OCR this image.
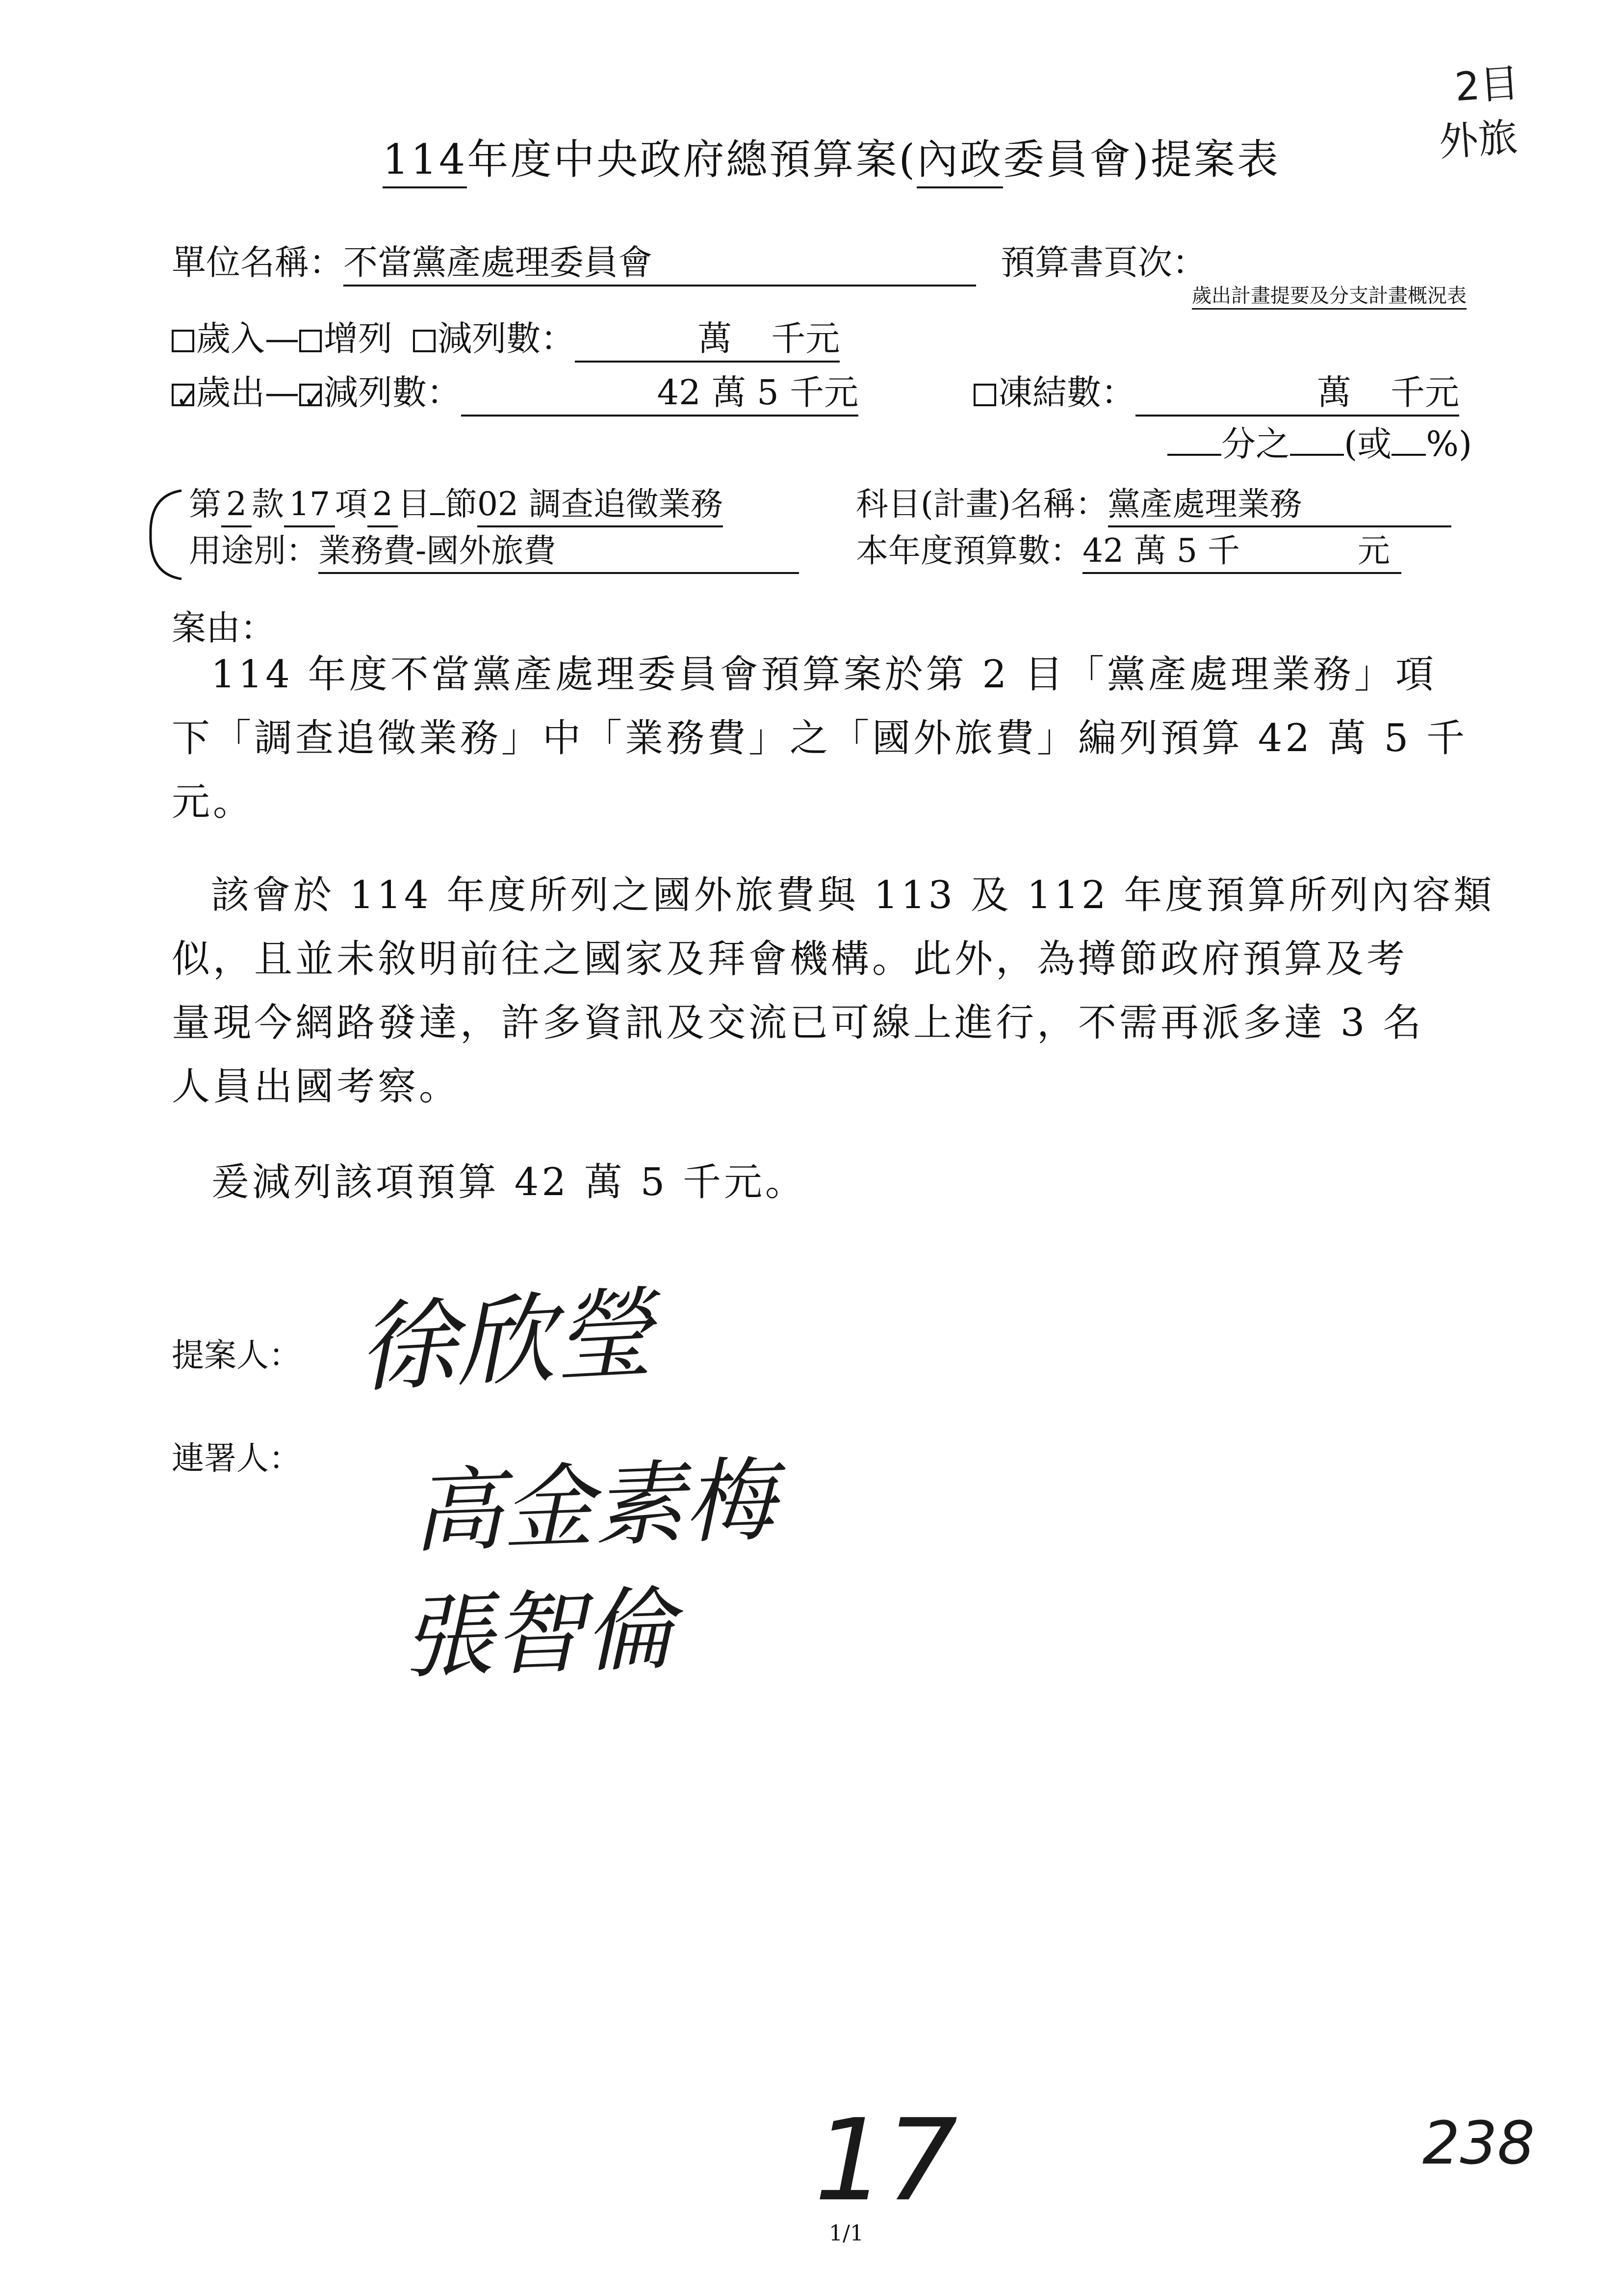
2目
外旅
114年度中央政府總預算案(內政委員會)提案表
單位名稱：不當黨產處理委員會	預算書頁次：
歲出計畫提要及分支計畫概況表
歲入— 增列 減列數：	萬 千元
✓歲出—✓ 減列數：	42 萬 5 千元	凍結數：	萬 千元
分之 (或 %)
第 2 款 17 項 2 目 節02 調查追徵業務	科目(計畫)名稱：黨產處理業務
用途別：業務費-國外旅費	本年度預算數：42 萬 5 千	元
案由：
114 年度不當黨產處理委員會預算案於第 2 目「黨產處理業務」項
下「調查追徵業務」中「業務費」之「國外旅費」編列預算 42 萬 5 千
元。
該會於 114 年度所列之國外旅費與 113 及 112 年度預算所列內容類
似，且並未敘明前往之國家及拜會機構。此外，為撙節政府預算及考
量現今網路發達，許多資訊及交流已可線上進行，不需再派多達 3 名
人員出國考察。
爰減列該項預算 42 萬 5 千元。
提案人： 徐欣瑩
連署人： 高金素梅
張智倫
17
1/1
238
